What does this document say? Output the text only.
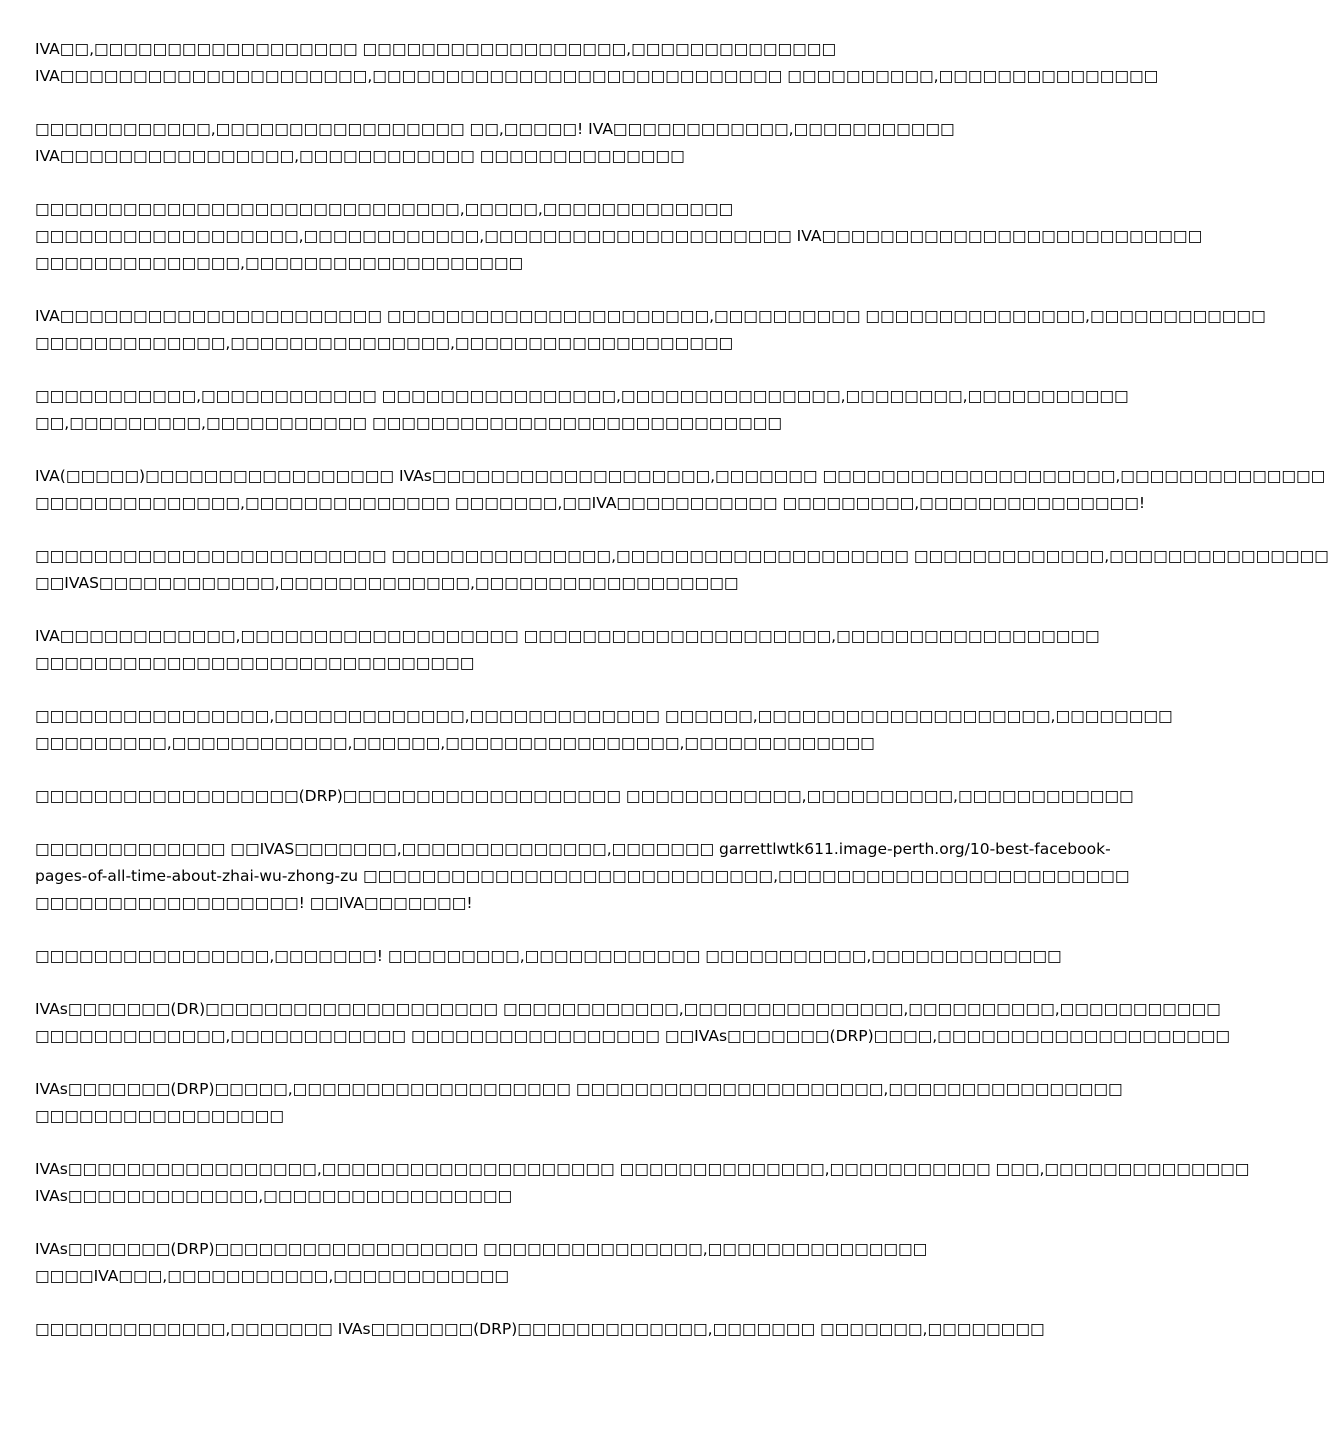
IVA□□,□□□□□□□□□□□□□□□□□□ □□□□□□□□□□□□□□□□□□,□□□□□□□□□□□□□□
IVA□□□□□□□□□□□□□□□□□□□□□,□□□□□□□□□□□□□□□□□□□□□□□□□□□□ □□□□□□□□□□,□□□□□□□□□□□□□□□
□□□□□□□□□□□□,□□□□□□□□□□□□□□□□□ □□,□□□□□! IVA□□□□□□□□□□□□,□□□□□□□□□□□
IVA□□□□□□□□□□□□□□□□,□□□□□□□□□□□□ □□□□□□□□□□□□□□
□□□□□□□□□□□□□□□□□□□□□□□□□□□□□,□□□□□,□□□□□□□□□□□□□
□□□□□□□□□□□□□□□□□□,□□□□□□□□□□□□,□□□□□□□□□□□□□□□□□□□□□ IVA□□□□□□□□□□□□□□□□□□□□□□□□□□
□□□□□□□□□□□□□□,□□□□□□□□□□□□□□□□□□□
IVA□□□□□□□□□□□□□□□□□□□□□□ □□□□□□□□□□□□□□□□□□□□□□,□□□□□□□□□□ □□□□□□□□□□□□□□□,□□□□□□□□□□□□
□□□□□□□□□□□□□,□□□□□□□□□□□□□□□,□□□□□□□□□□□□□□□□□□□
□□□□□□□□□□□,□□□□□□□□□□□□ □□□□□□□□□□□□□□□□,□□□□□□□□□□□□□□□,□□□□□□□□,□□□□□□□□□□□
□□,□□□□□□□□□,□□□□□□□□□□□ □□□□□□□□□□□□□□□□□□□□□□□□□□□□
IVA(□□□□□)□□□□□□□□□□□□□□□□□ IVAs□□□□□□□□□□□□□□□□□□□,□□□□□□□ □□□□□□□□□□□□□□□□□□□□,□□□□□□□□□□□□□□
□□□□□□□□□□□□□□,□□□□□□□□□□□□□□ □□□□□□□,□□IVA□□□□□□□□□□□ □□□□□□□□□,□□□□□□□□□□□□□□□!
□□□□□□□□□□□□□□□□□□□□□□□□ □□□□□□□□□□□□□□□,□□□□□□□□□□□□□□□□□□□□ □□□□□□□□□□□□□,□□□□□□□□□□□□□□□
□□IVAS□□□□□□□□□□□□,□□□□□□□□□□□□□,□□□□□□□□□□□□□□□□□□
IVA□□□□□□□□□□□□,□□□□□□□□□□□□□□□□□□□ □□□□□□□□□□□□□□□□□□□□□,□□□□□□□□□□□□□□□□□□
□□□□□□□□□□□□□□□□□□□□□□□□□□□□□□
□□□□□□□□□□□□□□□□,□□□□□□□□□□□□□,□□□□□□□□□□□□□ □□□□□□,□□□□□□□□□□□□□□□□□□□□,□□□□□□□□
□□□□□□□□□,□□□□□□□□□□□□,□□□□□□,□□□□□□□□□□□□□□□□,□□□□□□□□□□□□□
□□□□□□□□□□□□□□□□□□(DRP)□□□□□□□□□□□□□□□□□□□ □□□□□□□□□□□□,□□□□□□□□□□,□□□□□□□□□□□□
□□□□□□□□□□□□□ □□IVAS□□□□□□□,□□□□□□□□□□□□□□,□□□□□□□ garrettlwtk611.image-perth.org/10-best-facebook-
pages-of-all-time-about-zhai-wu-zhong-zu □□□□□□□□□□□□□□□□□□□□□□□□□□□□,□□□□□□□□□□□□□□□□□□□□□□□□
□□□□□□□□□□□□□□□□□□! □□IVA□□□□□□□!
□□□□□□□□□□□□□□□□,□□□□□□□! □□□□□□□□□,□□□□□□□□□□□□ □□□□□□□□□□□,□□□□□□□□□□□□□
IVAs□□□□□□□(DR)□□□□□□□□□□□□□□□□□□□□ □□□□□□□□□□□□,□□□□□□□□□□□□□□□,□□□□□□□□□□,□□□□□□□□□□□
□□□□□□□□□□□□□,□□□□□□□□□□□□ □□□□□□□□□□□□□□□□□ □□IVAs□□□□□□□(DRP)□□□□,□□□□□□□□□□□□□□□□□□□□
IVAs□□□□□□□(DRP)□□□□□,□□□□□□□□□□□□□□□□□□□ □□□□□□□□□□□□□□□□□□□□□,□□□□□□□□□□□□□□□□
□□□□□□□□□□□□□□□□□
IVAs□□□□□□□□□□□□□□□□□,□□□□□□□□□□□□□□□□□□□□ □□□□□□□□□□□□□□,□□□□□□□□□□□ □□□,□□□□□□□□□□□□□□
IVAs□□□□□□□□□□□□□,□□□□□□□□□□□□□□□□□
IVAs□□□□□□□(DRP)□□□□□□□□□□□□□□□□□□ □□□□□□□□□□□□□□□,□□□□□□□□□□□□□□□
□□□□IVA□□□,□□□□□□□□□□□,□□□□□□□□□□□□
□□□□□□□□□□□□□,□□□□□□□ IVAs□□□□□□□(DRP)□□□□□□□□□□□□□,□□□□□□□ □□□□□□□,□□□□□□□□
